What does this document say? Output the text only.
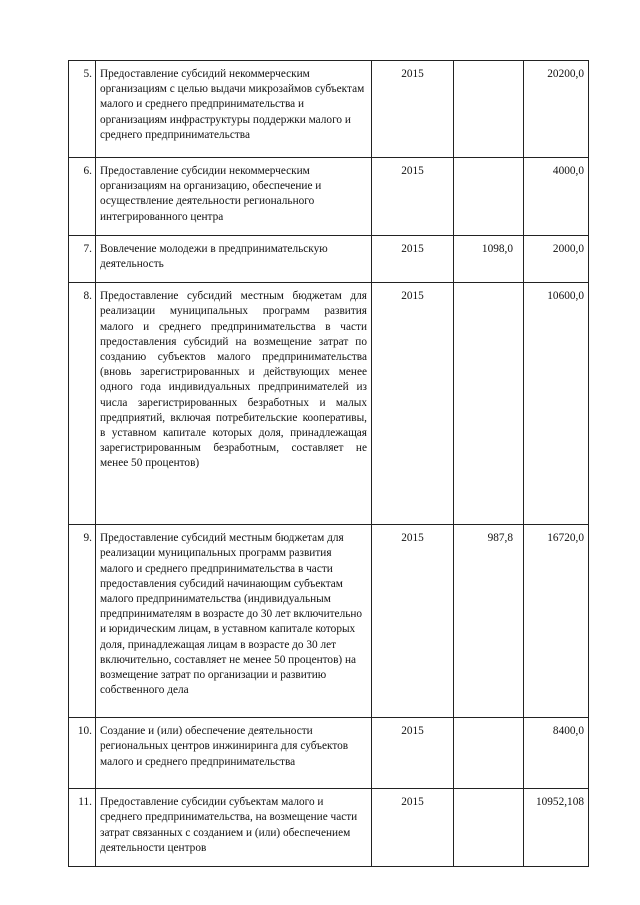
5.	Предоставление субсидий некоммерческим организациям с целью выдачи микрозаймов субъектам малого и среднего предпринимательства и организациям инфраструктуры поддержки малого и среднего предпринимательства	2015		20200,0
6.	Предоставление субсидии некоммерческим организациям на организацию, обеспечение и осуществление деятельности регионального интегрированного центра	2015		4000,0
7.	Вовлечение молодежи в предпринимательскую деятельность	2015	1098,0	2000,0
8.	Предоставление субсидий местным бюджетам для реализации муниципальных программ развития малого и среднего предпринимательства в части предоставления субсидий на возмещение затрат по созданию субъектов малого предпринимательства (вновь зарегистрированных и действующих менее одного года индивидуальных предпринимателей из числа зарегистрированных безработных и малых предприятий, включая потребительские кооперативы, в уставном капитале которых доля, принадлежащая зарегистрированным безработным, составляет не менее 50 процентов)	2015		10600,0
9.	Предоставление субсидий местным бюджетам для реализации муниципальных программ развития малого и среднего предпринимательства в части предоставления субсидий начинающим субъектам малого предпринимательства (индивидуальным предпринимателям в возрасте до 30 лет включительно и юридическим лицам, в уставном капитале которых доля, принадлежащая лицам в возрасте до 30 лет включительно, составляет не менее 50 процентов) на возмещение затрат по организации и развитию собственного дела	2015	987,8	16720,0
10.	Создание и (или) обеспечение деятельности региональных центров инжиниринга для субъектов малого и среднего предпринимательства	2015		8400,0
11.	Предоставление субсидии субъектам малого и среднего предпринимательства, на возмещение части затрат связанных с созданием и (или) обеспечением деятельности центров	2015		10952,108
